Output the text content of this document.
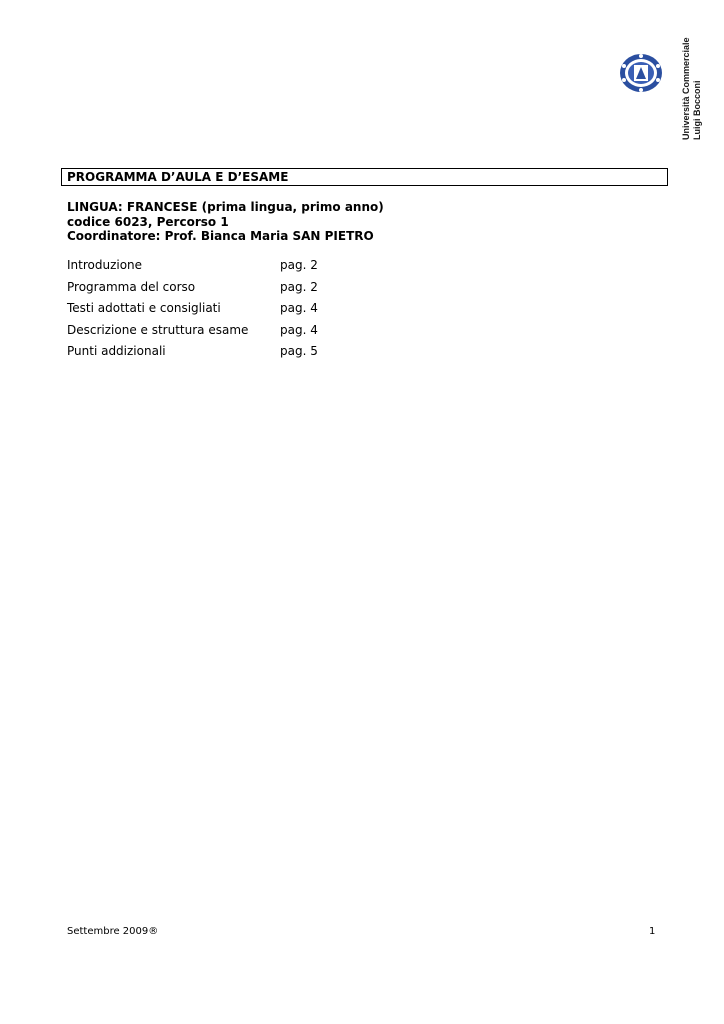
Università Commerciale Luigi Bocconi
PROGRAMMA D’AULA E D’ESAME
LINGUA: FRANCESE (prima lingua, primo anno)
codice 6023, Percorso 1
Coordinatore: Prof. Bianca Maria SAN PIETRO
Introduzione	pag. 2
Programma del corso	pag. 2
Testi adottati e consigliati	pag. 4
Descrizione e struttura esame	pag. 4
Punti addizionali	pag. 5
Settembre 2009®	1
